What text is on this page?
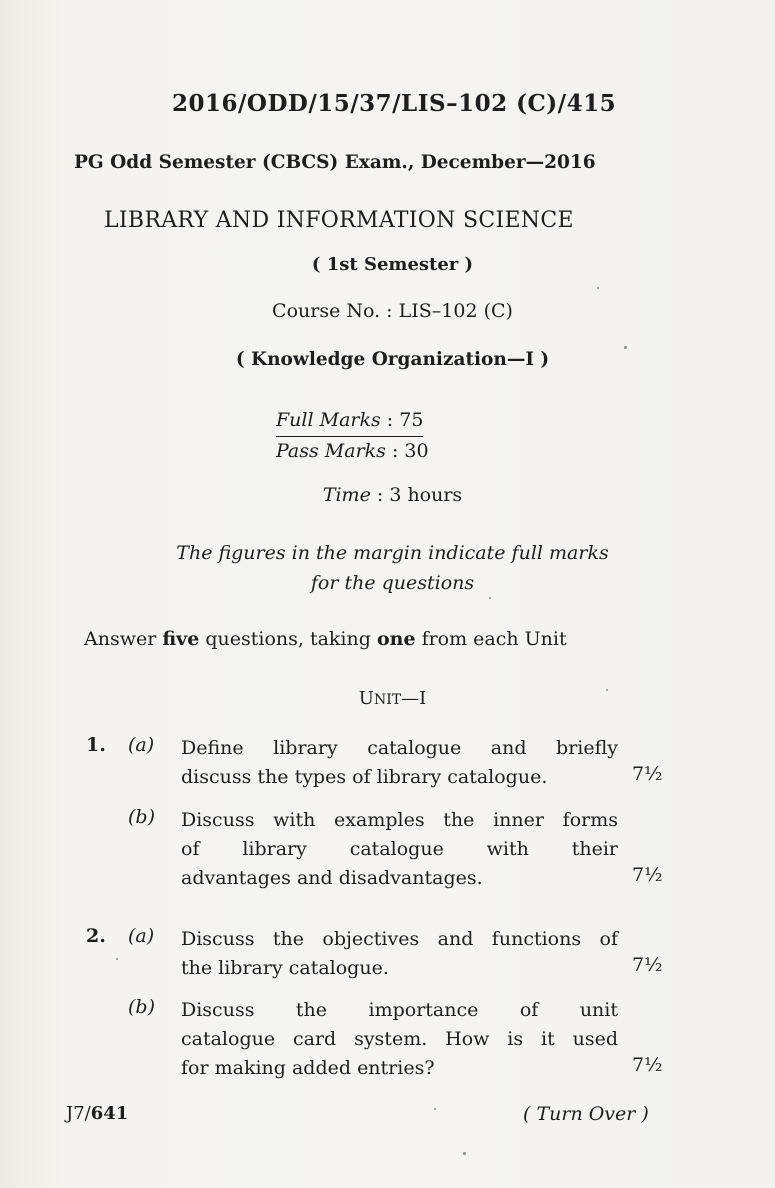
2016/ODD/15/37/LIS–102 (C)/415
PG Odd Semester (CBCS) Exam., December—2016
LIBRARY AND INFORMATION SCIENCE
( 1st Semester )
Course No. : LIS–102 (C)
( Knowledge Organization—I )
Full Marks : 75
Pass Marks : 30
Time : 3 hours
The figures in the margin indicate full marks
for the questions
Answer five questions, taking one from each Unit
UNIT—I
1. (a) Define library catalogue and briefly
discuss the types of library catalogue.	7½
(b) Discuss with examples the inner forms
of library catalogue with their
advantages and disadvantages.	7½
2. (a) Discuss the objectives and functions of
the library catalogue.	7½
(b) Discuss the importance of unit
catalogue card system. How is it used
for making added entries?	7½
J7/641	( Turn Over )
